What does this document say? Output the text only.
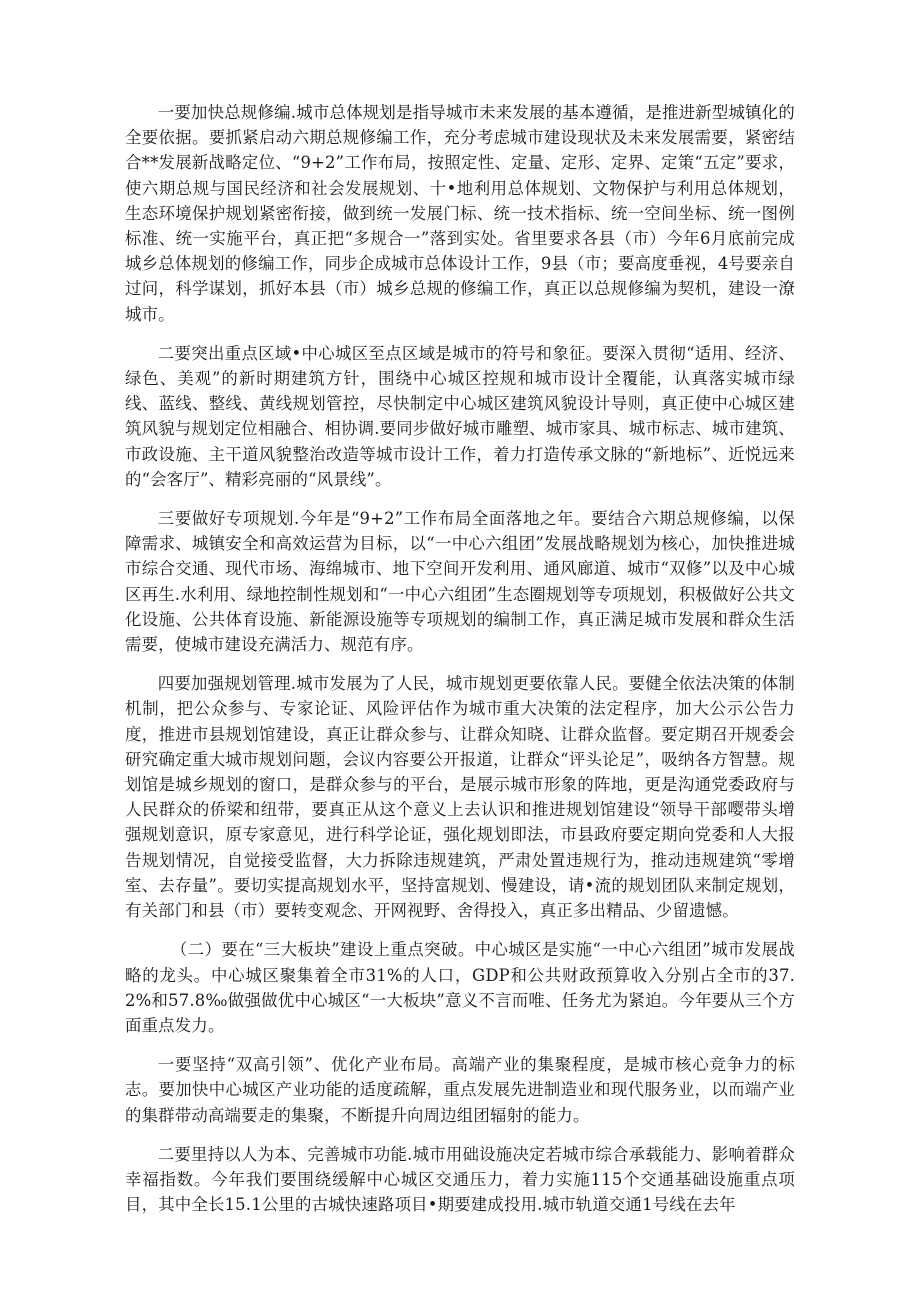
一要加快总规修编.城市总体规划是指导城市未来发展的基本遵循，是推进新型城镇化的全要依据。要抓紧启动六期总规修编工作，充分考虑城市建设现状及未来发展需要，紧密结合**发展新战略定位、“9+2”工作布局，按照定性、定量、定形、定界、定策“五定”要求，使六期总规与国民经济和社会发展规划、十•地利用总体规划、文物保护与利用总体规划，生态环境保护规划紧密衔接，做到统一发展门标、统一技术指标、统一空间坐标、统一图例标准、统一实施平台，真正把“多规合一”落到实处。省里要求各县（市）今年6月底前完成城乡总体规划的修编工作，同步企成城市总体设计工作，9县（市；要高度垂视，4号要亲自过问，科学谋划，抓好本县（市）城乡总规的修编工作，真正以总规修编为契机，建设一潦城市。

二要突出重点区域•中心城区至点区域是城市的符号和象征。要深入贯彻“适用、经济、绿色、美观”的新时期建筑方针，围绕中心城区控规和城市设计全覆能，认真落实城市绿线、蓝线、整线、黄线规划管控，尽快制定中心城区建筑风貌设计导则，真正使中心城区建筑风貌与规划定位相融合、相协调.要同步做好城市雕塑、城市家具、城市标志、城市建筑、市政设施、主干道风貌整治改造等城市设计工作，着力打造传承文脉的“新地标”、近悦远来的“会客厅”、精彩亮丽的“风景线”。

三要做好专项规划.今年是“9+2”工作布局全面落地之年。要结合六期总规修编，以保障需求、城镇安全和高效运营为目标，以“一中心六组团”发展战略规划为核心，加快推进城市综合交通、现代市场、海绵城市、地下空间开发利用、通风廊道、城市“双修”以及中心城区再生.水利用、绿地控制性规划和“一中心六组团”生态圈规划等专项规划，积极做好公共文化设施、公共体育设施、新能源设施等专项规划的编制工作，真正满足城市发展和群众生活需要，使城市建设充满活力、规范有序。

四要加强规划管理.城市发展为了人民，城市规划更要依靠人民。要健全依法决策的体制机制，把公众参与、专家论证、风险评估作为城市重大决策的法定程序，加大公示公告力度，推进市县规划馆建设，真正让群众参与、让群众知晓、让群众监督。要定期召开规委会研究确定重大城市规划问题，会议内容要公开报道，让群众“评头论足”，吸纳各方智慧。规划馆是城乡规划的窗口，是群众参与的平台，是展示城市形象的阵地，更是沟通党委政府与人民群众的侨梁和纽带，要真正从这个意义上去认识和推进规划馆建设“领导干部嘤带头增强规划意识，原专家意见，进行科学论证，强化规划即法，市县政府要定期向党委和人大报告规划情况，自觉接受监督，大力拆除违规建筑，严肃处置违规行为，推动违规建筑“零增室、去存量”。要切实提高规划水平，坚持富规划、慢建设，请•流的规划团队来制定规划，有关部门和县（市）要转变观念、开网视野、舍得投入，真正多出精品、少留遗憾。

（二）要在“三大板块”建设上重点突破。中心城区是实施“一中心六组团”城市发展战略的龙头。中心城区聚集着全市31%的人口，GDP和公共财政预算收入分别占全市的37.2%和57.8‰做强做优中心城区“一大板块”意义不言而唯、任务尤为紧迫。今年要从三个方面重点发力。

一要坚持“双高引领”、优化产业布局。高端产业的集聚程度，是城市核心竞争力的标志。要加快中心城区产业功能的适度疏解，重点发展先进制造业和现代服务业，以而端产业的集群带动高端要走的集聚，不断提升向周边组团辐射的能力。

二要里持以人为本、完善城市功能.城市用础设施决定若城市综合承载能力、影响着群众幸福指数。今年我们要围绕缓解中心城区交通压力，着力实施115个交通基础设施重点项目，其中全长15.1公里的古城快速路项目•期要建成投用.城市轨道交通1号线在去年
